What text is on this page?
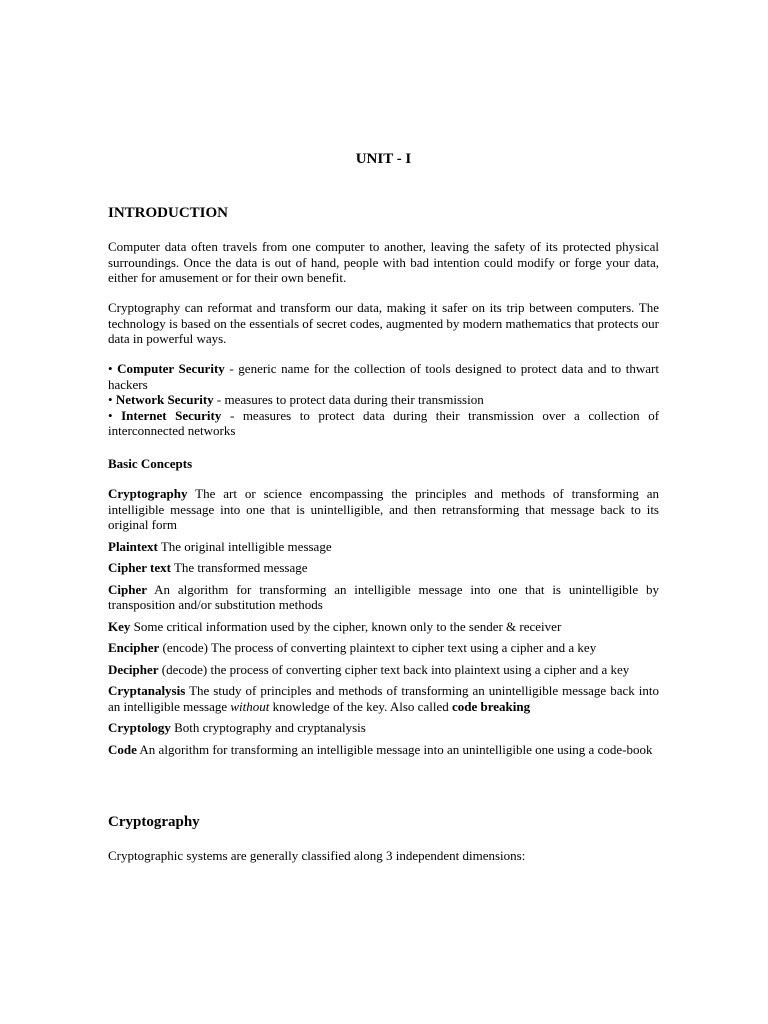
UNIT - I
INTRODUCTION

Computer data often travels from one computer to another, leaving the safety of its protected physical surroundings. Once the data is out of hand, people with bad intention could modify or forge your data, either for amusement or for their own benefit.

Cryptography can reformat and transform our data, making it safer on its trip between computers. The technology is based on the essentials of secret codes, augmented by modern mathematics that protects our data in powerful ways.

• Computer Security - generic name for the collection of tools designed to protect data and to thwart hackers

• Network Security - measures to protect data during their transmission

• Internet Security - measures to protect data during their transmission over a collection of interconnected networks

Basic Concepts

Cryptography The art or science encompassing the principles and methods of transforming an intelligible message into one that is unintelligible, and then retransforming that message back to its original form

Plaintext The original intelligible message

Cipher text The transformed message

Cipher An algorithm for transforming an intelligible message into one that is unintelligible by transposition and/or substitution methods

Key Some critical information used by the cipher, known only to the sender & receiver

Encipher (encode) The process of converting plaintext to cipher text using a cipher and a key

Decipher (decode) the process of converting cipher text back into plaintext using a cipher and a key

Cryptanalysis The study of principles and methods of transforming an unintelligible message back into an intelligible message without knowledge of the key. Also called code breaking

Cryptology Both cryptography and cryptanalysis

Code An algorithm for transforming an intelligible message into an unintelligible one using a code-book

Cryptography

Cryptographic systems are generally classified along 3 independent dimensions:
